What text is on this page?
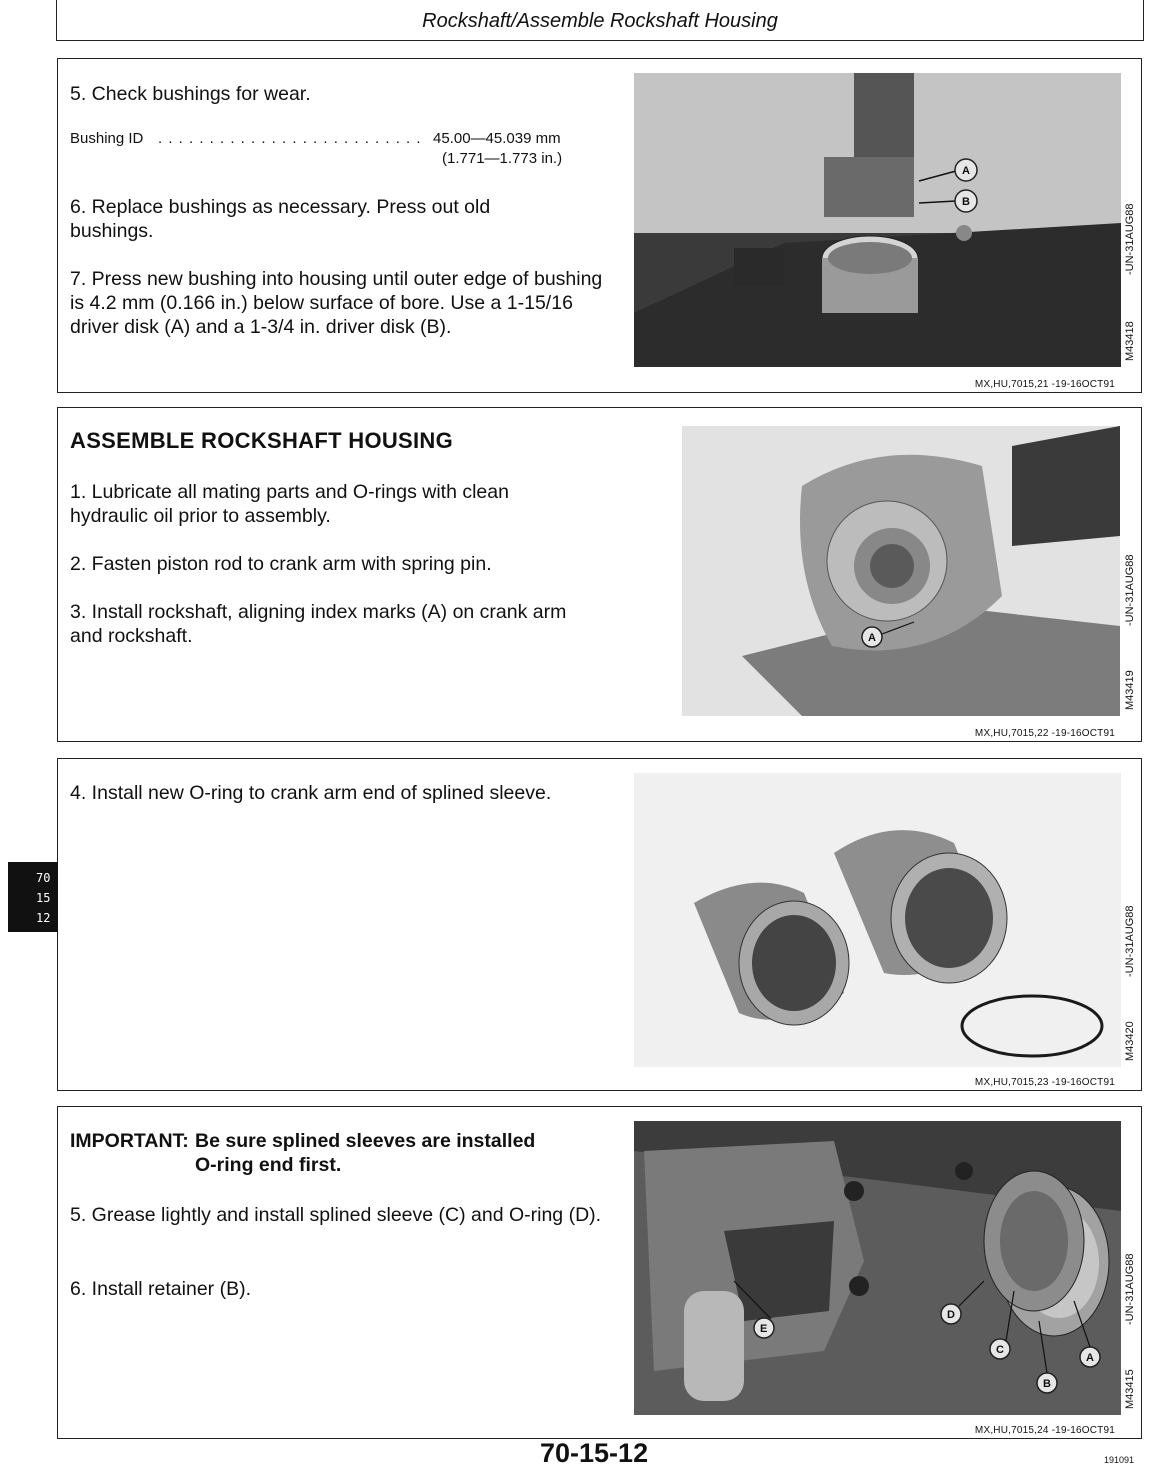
Rockshaft/Assemble Rockshaft Housing
5. Check bushings for wear.
Bushing ID . . . . . . . . . . . . . . . . . . . . . . . . . . 45.00—45.039 mm
(1.771—1.773 in.)
6. Replace bushings as necessary. Press out old bushings.
7. Press new bushing into housing until outer edge of bushing is 4.2 mm (0.166 in.) below surface of bore. Use a 1-15/16 driver disk (A) and a 1-3/4 in. driver disk (B).
A
B
-UN-31AUG88
M43418
MX,HU,7015,21 -19-16OCT91
ASSEMBLE ROCKSHAFT HOUSING
1. Lubricate all mating parts and O-rings with clean hydraulic oil prior to assembly.
2. Fasten piston rod to crank arm with spring pin.
3. Install rockshaft, aligning index marks (A) on crank arm and rockshaft.	A
-UN-31AUG88
M43419
MX,HU,7015,22 -19-16OCT91
4. Install new O-ring to crank arm end of splined sleeve.
-UN-31AUG88
M43420
MX,HU,7015,23 -19-16OCT91
IMPORTANT: Be sure splined sleeves are installed
O-ring end first.
5. Grease lightly and install splined sleeve (C) and O-ring (D).
6. Install retainer (B).
E
D
C
B
A
-UN-31AUG88
M43415
MX,HU,7015,24 -19-16OCT91
70
15
12
70-15-12	191091
